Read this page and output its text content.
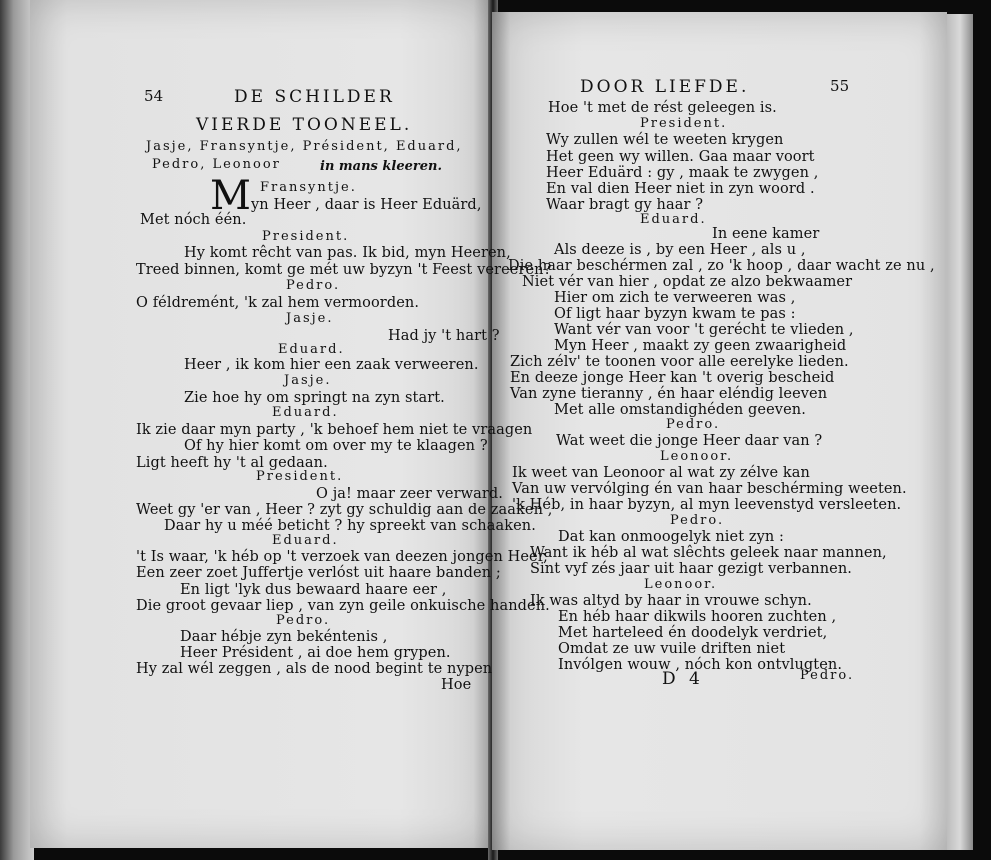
54	DE SCHILDER
VIERDE TOONEEL.
Jasje, Fransyntje, Président, Eduard,
Pedro, Leonoor	in mans kleeren.
M Fransyntje.
yn Heer , daar is Heer Eduärd,
Met nóch één.
President.
Hy komt rêcht van pas. Ik bid, myn Heeren,
Treed binnen, komt ge mét uw byzyn 't Feest vereeren?
Pedro.
O féldremént, 'k zal hem vermoorden.
Jasje.
Had jy 't hart ?
Eduard.
Heer , ik kom hier een zaak verweeren.
Jasje.
Zie hoe hy om springt na zyn start.
Eduard.
Ik zie daar myn party , 'k behoef hem niet te vraagen
Of hy hier komt om over my te klaagen ?
Ligt heeft hy 't al gedaan.
President.
O ja! maar zeer verward.
Weet gy 'er van , Heer ? zyt gy schuldig aan de zaaken ,
Daar hy u méé beticht ? hy spreekt van schaaken.
Eduard.
't Is waar, 'k héb op 't verzoek van deezen jongen Heer,
Een zeer zoet Juffertje verlóst uit haare banden ;
En ligt 'lyk dus bewaard haare eer ,
Die groot gevaar liep , van zyn geile onkuische handen.
Pedro.
Daar hébje zyn bekéntenis ,
Heer Président , ai doe hem grypen.
Hy zal wél zeggen , als de nood begint te nypen
Hoe
DOOR LIEFDE.	55
Hoe 't met de rést geleegen is.
President.
Wy zullen wél te weeten krygen
Het geen wy willen. Gaa maar voort
Heer Eduärd : gy , maak te zwygen ,
En val dien Heer niet in zyn woord .
Waar bragt gy haar ?
Eduard.
In eene kamer
Als deeze is , by een Heer , als u ,
Die haar beschérmen zal , zo 'k hoop , daar wacht ze nu ,
Niet vér van hier , opdat ze alzo bekwaamer
Hier om zich te verweeren was ,
Of ligt haar byzyn kwam te pas :
Want vér van voor 't gerécht te vlieden ,
Myn Heer , maakt zy geen zwaarigheid
Zich zélv' te toonen voor alle eerelyke lieden.
En deeze jonge Heer kan 't overig bescheid
Van zyne tieranny , én haar eléndig leeven
Met alle omstandighéden geeven.
Pedro.
Wat weet die jonge Heer daar van ?
Leonoor.
Ik weet van Leonoor al wat zy zélve kan
Van uw vervólging én van haar beschérming weeten.
'k Héb, in haar byzyn, al myn leevenstyd versleeten.
Pedro.
Dat kan onmoogelyk niet zyn :
Want ik héb al wat slêchts geleek naar mannen,
Sint vyf zés jaar uit haar gezigt verbannen.
Leonoor.
Ik was altyd by haar in vrouwe schyn.
En héb haar dikwils hooren zuchten ,
Met harteleed én doodelyk verdriet,
Omdat ze uw vuile driften niet
Invólgen wouw , nóch kon ontvlugten.
D 4	Pedro.
